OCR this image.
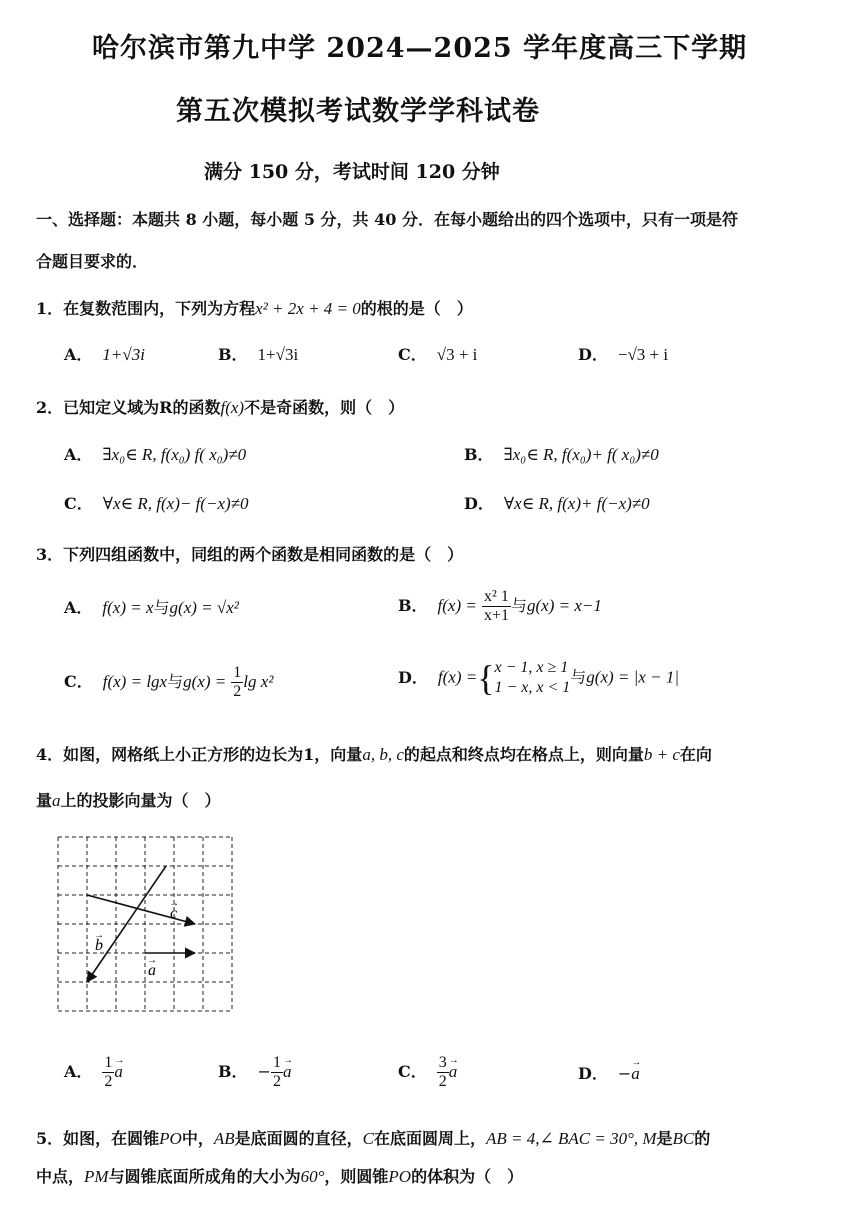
哈尔滨市第九中学 2024—2025 学年度高三下学期
第五次模拟考试数学学科试卷
满分 150 分，考试时间 120 分钟
一、选择题：本题共 8 小题，每小题 5 分，共 40 分．在每小题给出的四个选项中，只有一项是符
合题目要求的．
1．在复数范围内，下列为方程x² + 2x + 4 = 0的根的是（　）
A． 1+√3i	B． 1+√3i	C． √3 + i	D． −√3 + i
2．已知定义域为R的函数f(x)不是奇函数，则（　）
A． ∃x₀∈ R, f(x₀) f( x₀)≠0	B． ∃x₀∈ R, f(x₀)+ f( x₀)≠0
C． ∀x∈ R, f(x)− f(−x)≠0	D． ∀x∈ R, f(x)+ f(−x)≠0
3．下列四组函数中，同组的两个函数是相同函数的是（　）
A． f(x) = x与g(x) = √x²	B． $f(x) = \frac{\text{x² 1}}{x+1}$ 与g(x) = x−1
C． f(x) = lgx与$g(x) = \frac{1}{2}$ lg x²	D． f(x) ={ x − 1, x ≥ 1
1 − x, x < 1
与g(x) = |x − 1|
4．如图，网格纸上小正方形的边长为1，向量a, b, c的起点和终点均在格点上，则向量b + c在向
量a上的投影向量为（　）
c
b
a
→
→
→
A． $\frac{1}{2}$
→ a	B． − $\frac{1}{2}$
→ a	C． $\frac{3}{2}$
→ a	D． −→ a
5．如图，在圆锥PO中，AB是底面圆的直径，C在底面圆周上，AB = 4,∠ BAC = 30°, M是BC的
中点，PM与圆锥底面所成角的大小为60°，则圆锥PO的体积为（　）
